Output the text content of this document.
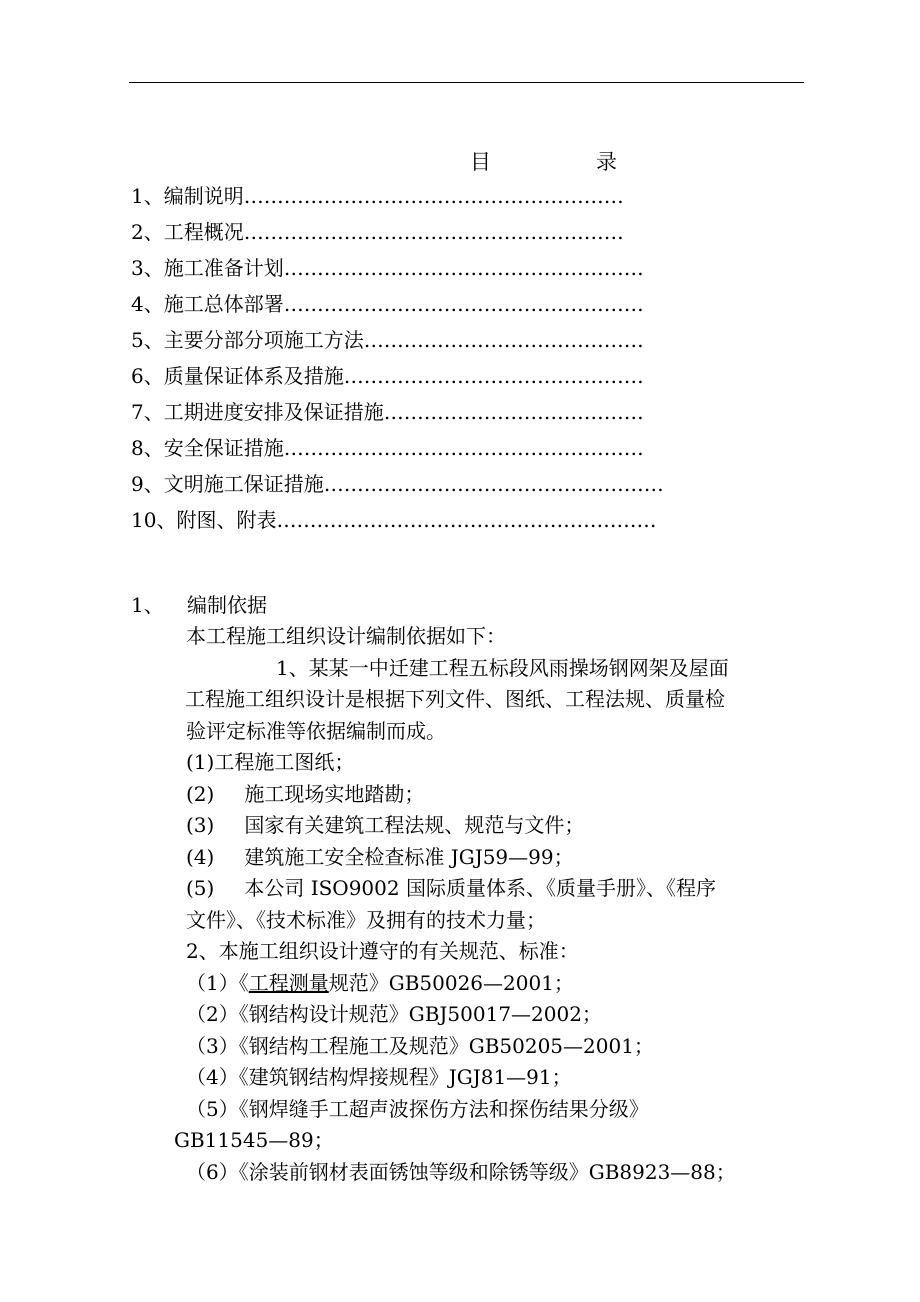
目	录
1、编制说明…………………………………………………
2、工程概况…………………………………………………
3、施工准备计划………………………………………………
4、施工总体部署………………………………………………
5、主要分部分项施工方法……………………………………
6、质量保证体系及措施………………………………………
7、工期进度安排及保证措施…………………………………
8、安全保证措施………………………………………………
9、文明施工保证措施……………………………………………
10、附图、附表…………………………………………………
1、 编制依据

本工程施工组织设计编制依据如下：

1、某某一中迁建工程五标段风雨操场钢网架及屋面

工程施工组织设计是根据下列文件、图纸、工程法规、质量检

验评定标准等依据编制而成。

(1)工程施工图纸；

(2) 施工现场实地踏勘；

(3) 国家有关建筑工程法规、规范与文件；

(4) 建筑施工安全检查标准 JGJ59—99；

(5) 本公司 ISO9002 国际质量体系、《质量手册》、《程序

文件》、《技术标准》及拥有的技术力量；

2、本施工组织设计遵守的有关规范、标准：

（1）《工程测量规范》GB50026—2001；

（2）《钢结构设计规范》GBJ50017—2002；

（3）《钢结构工程施工及规范》GB50205—2001；

（4）《建筑钢结构焊接规程》JGJ81—91；

（5）《钢焊缝手工超声波探伤方法和探伤结果分级》

GB11545—89；

（6）《涂装前钢材表面锈蚀等级和除锈等级》GB8923—88；
